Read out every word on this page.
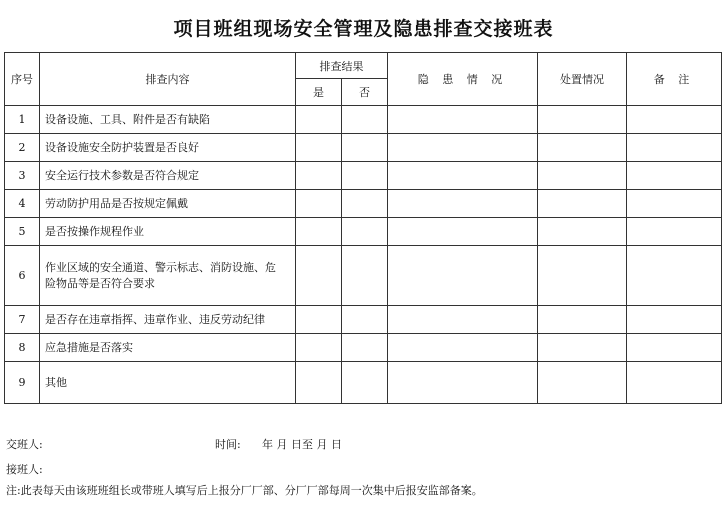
项目班组现场安全管理及隐患排查交接班表
序号	排查内容	排查结果		隐 患 情 况	处置情况	备 注
		是	否			
1	设备设施、工具、附件是否有缺陷					
2	设备设施安全防护装置是否良好					
3	安全运行技术参数是否符合规定					
4	劳动防护用品是否按规定佩戴					
5	是否按操作规程作业					
6	作业区域的安全通道、警示标志、消防设施、危
险物品等是否符合要求					

7	是否存在违章指挥、违章作业、违反劳动纪律					
8	应急措施是否落实					
9	其他					
交班人:	时间: 年 月 日至 月 日
接班人:
注:此表每天由该班班组长或带班人填写后上报分厂厂部、分厂厂部每周一次集中后报安监部备案。
